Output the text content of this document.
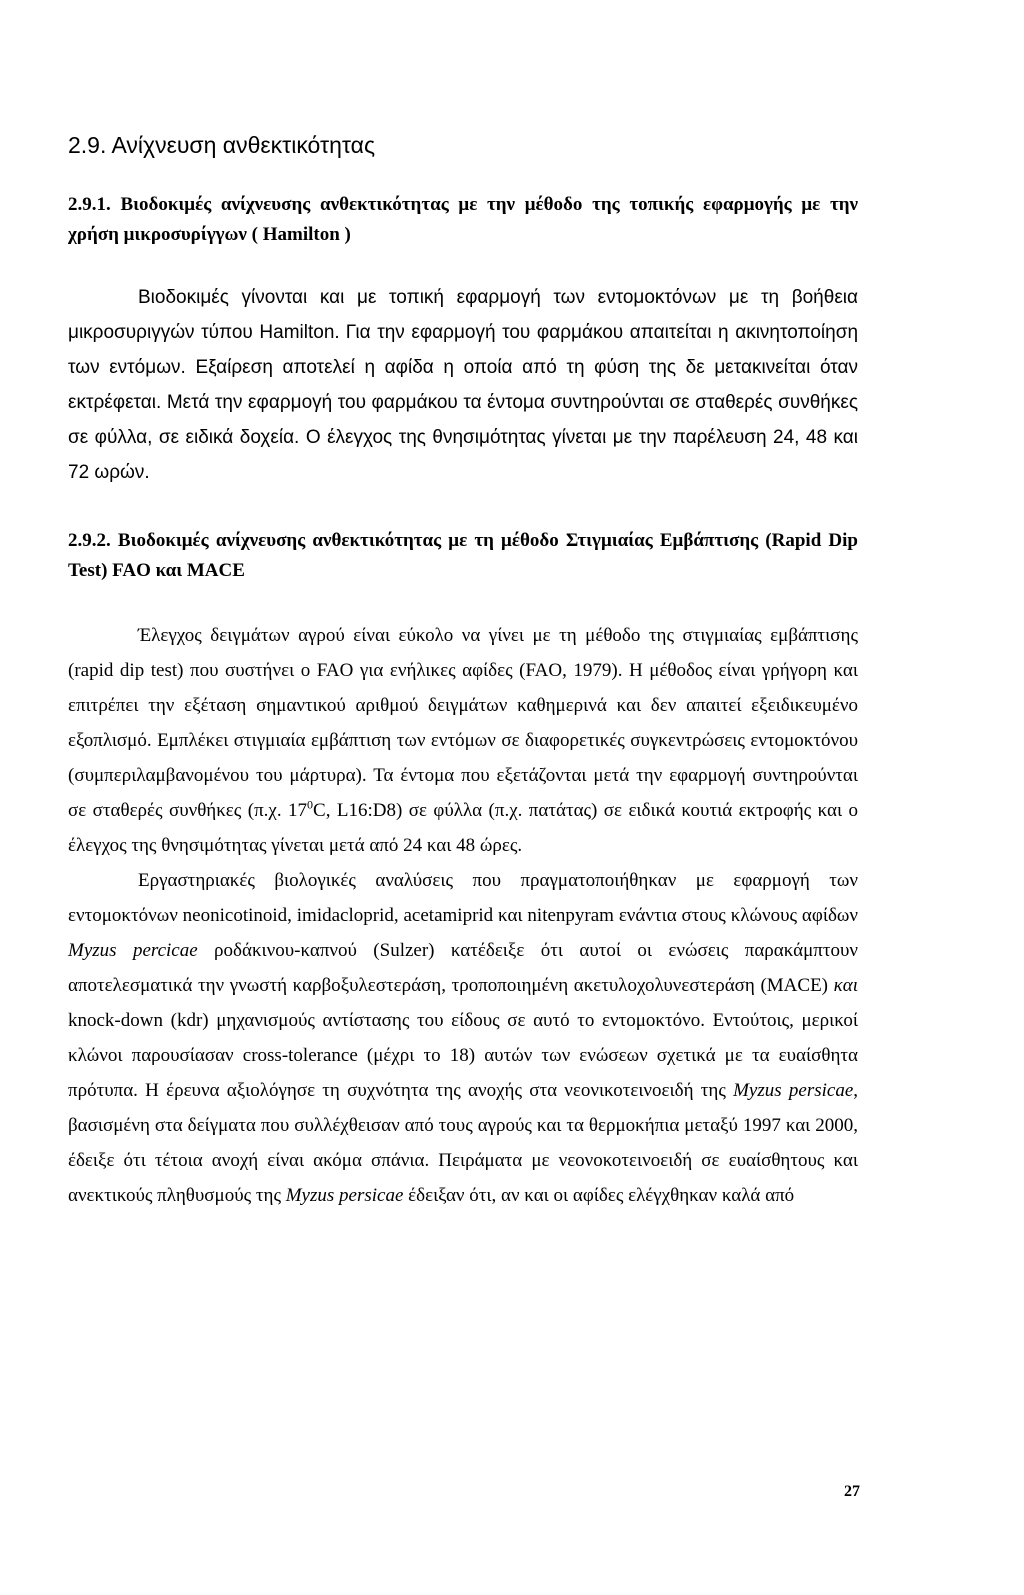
2.9. Ανίχνευση ανθεκτικότητας

2.9.1. Βιοδοκιμές ανίχνευσης ανθεκτικότητας με την μέθοδο της τοπικής εφαρμογής με την χρήση μικροσυρίγγων ( Hamilton )

Βιοδοκιμές γίνονται και με τοπική εφαρμογή των εντομοκτόνων με τη βοήθεια μικροσυριγγών τύπου Hamilton. Για την εφαρμογή του φαρμάκου απαιτείται η ακινητοποίηση των εντόμων. Εξαίρεση αποτελεί η αφίδα η οποία από τη φύση της δε μετακινείται όταν εκτρέφεται. Μετά την εφαρμογή του φαρμάκου τα έντομα συντηρούνται σε σταθερές συνθήκες σε φύλλα, σε ειδικά δοχεία. Ο έλεγχος της θνησιμότητας γίνεται με την παρέλευση 24, 48 και 72 ωρών.

2.9.2. Βιοδοκιμές ανίχνευσης ανθεκτικότητας με τη μέθοδο Στιγμιαίας Εμβάπτισης (Rapid Dip Test) FAO και MACE

Έλεγχος δειγμάτων αγρού είναι εύκολο να γίνει με τη μέθοδο της στιγμιαίας εμβάπτισης (rapid dip test) που συστήνει ο FAO για ενήλικες αφίδες (FAO, 1979). Η μέθοδος είναι γρήγορη και επιτρέπει την εξέταση σημαντικού αριθμού δειγμάτων καθημερινά και δεν απαιτεί εξειδικευμένο εξοπλισμό. Εμπλέκει στιγμιαία εμβάπτιση των εντόμων σε διαφορετικές συγκεντρώσεις εντομοκτόνου (συμπεριλαμβανομένου του μάρτυρα). Τα έντομα που εξετάζονται μετά την εφαρμογή συντηρούνται σε σταθερές συνθήκες (π.χ. $17^0C$, L16:D8) σε φύλλα (π.χ. πατάτας) σε ειδικά κουτιά εκτροφής και ο έλεγχος της θνησιμότητας γίνεται μετά από 24 και 48 ώρες.

Εργαστηριακές βιολογικές αναλύσεις που πραγματοποιήθηκαν με εφαρμογή των εντομοκτόνων neonicotinoid, imidacloprid, acetamiprid και nitenpyram ενάντια στους κλώνους αφίδων Myzus percicae ροδάκινου-καπνού (Sulzer) κατέδειξε ότι αυτοί οι ενώσεις παρακάμπτουν αποτελεσματικά την γνωστή καρβοξυλεστεράση, τροποποιημένη ακετυλοχολυνεστεράση (MACE) και knock-down (kdr) μηχανισμούς αντίστασης του είδους σε αυτό το εντομοκτόνο. Εντούτοις, μερικοί κλώνοι παρουσίασαν cross-tolerance (μέχρι το 18) αυτών των ενώσεων σχετικά με τα ευαίσθητα πρότυπα. Η έρευνα αξιολόγησε τη συχνότητα της ανοχής στα νεονικοτεινοειδή της Myzus persicae, βασισμένη στα δείγματα που συλλέχθεισαν από τους αγρούς και τα θερμοκήπια μεταξύ 1997 και 2000, έδειξε ότι τέτοια ανοχή είναι ακόμα σπάνια. Πειράματα με νεονοκοτεινοειδή σε ευαίσθητους και ανεκτικούς πληθυσμούς της Myzus persicae έδειξαν ότι, αν και οι αφίδες ελέγχθηκαν καλά από

27
